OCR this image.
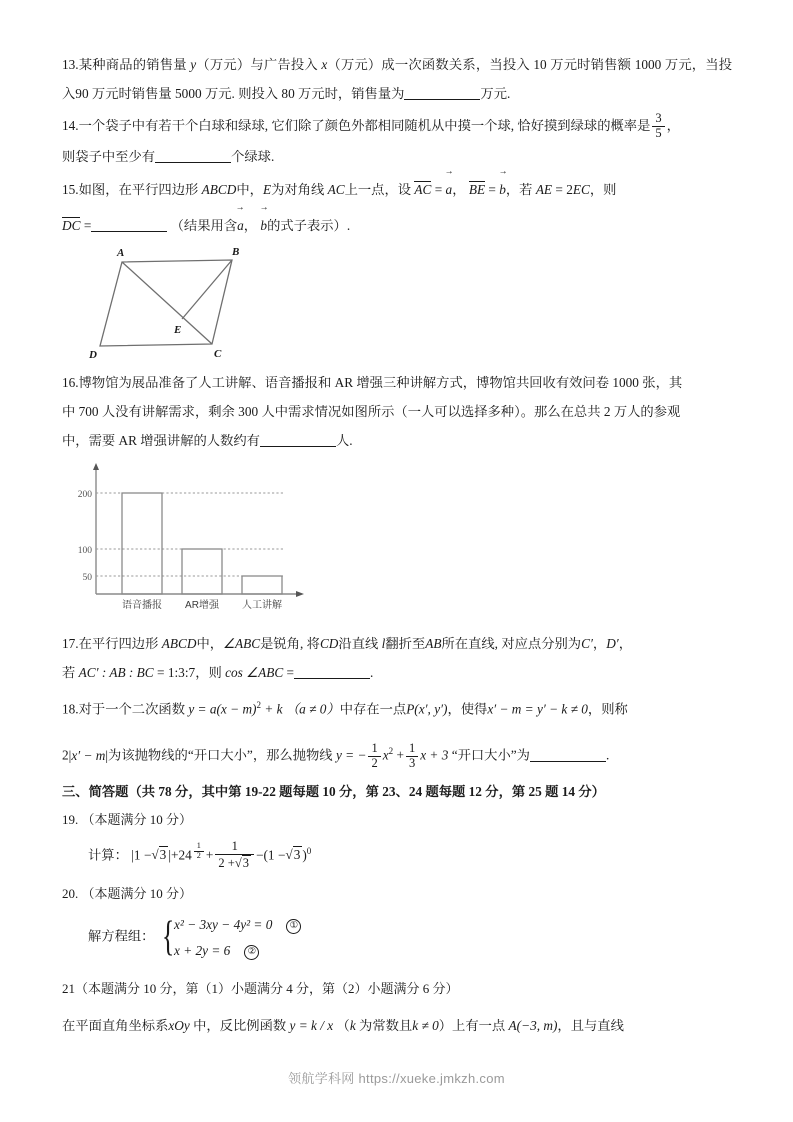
13.某种商品的销售量 y（万元）与广告投入 x（万元）成一次函数关系，当投入 10 万元时销售额 1000 万元，当投入90 万元时销售量 5000 万元. 则投入 80 万元时，销售量为	万元.
14.一个袋子中有若干个白球和绿球, 它们除了颜色外都相同随机从中摸一个球, 恰好摸到绿球的概率是 $\frac{3}{5}$ ，
则袋子中至少有	个绿球.
15.如图，在平行四边形 ABCD中，E为对角线 AC上一点，设 AC = → a， BE = → b，若 AE = 2EC，则
DC =	（结果用含→ a， → b的式子表示）.
A	B
C
D
E
16.博物馆为展品准备了人工讲解、语音播报和 AR 增强三种讲解方式，博物馆共回收有效问卷 1000 张，其
中 700 人没有讲解需求，剩余 300 人中需求情况如图所示（一人可以选择多种）。那么在总共 2 万人的参观
中，需要 AR 增强讲解的人数约有	人.
200
100
50
语音播报 AR增强 人工讲解
17.在平行四边形 ABCD中，∠ABC是锐角, 将CD沿直线 l翻折至AB所在直线, 对应点分别为C′，D′，
若 AC′ : AB : BC = 1:3:7，则 cos ∠ABC =	.
18.对于一个二次函数 $y = a(x - m)^2 + k$ （a ≠ 0）中存在一点P(x′, y′)，使得x′ − m = y′ − k ≠ 0，则称
2|x′ − m|为该抛物线的“开口大小”，那么抛物线 y = − $\frac{1}{2} x^2 + \frac{1}{3}$ x + 3 “开口大小”为	.
三、简答题（共 78 分，其中第 19-22 题每题 10 分，第 23、24 题每题 12 分，第 25 题 14 分）
19. （本题满分 10 分）
计算： |1 −√3 $|+24 \frac{1}{2} + \frac{1}{2 +√3} -(1 -√3$ )$^0$
20. （本题满分 10 分）
解方程组： { x² − 3xy − 4y² = 0 ①
x + 2y = 6 ②
21（本题满分 10 分，第（1）小题满分 4 分，第（2）小题满分 6 分）
在平面直角坐标系xOy 中，反比例函数 y = k / x （k 为常数且k ≠ 0）上有一点 A(−3, m)，且与直线
领航学科网 https://xueke.jmkzh.com
